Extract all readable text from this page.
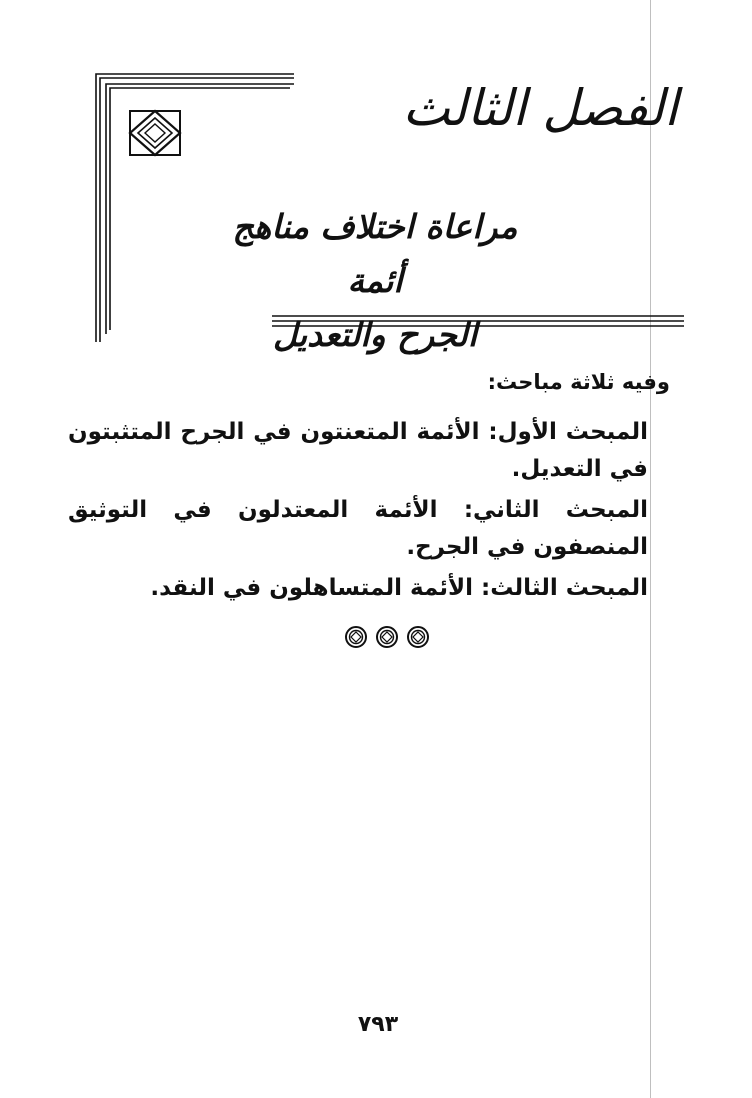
الفصل الثالث
مراعاة اختلاف مناهج أئمة
الجرح والتعديل

وفيه ثلاثة مباحث:

المبحث الأول: الأئمة المتعنتون في الجرح المتثبتون في التعديل.
المبحث الثاني: الأئمة المعتدلون في التوثيق المنصفون في الجرح.
المبحث الثالث: الأئمة المتساهلون في النقد.
٧٩٣
